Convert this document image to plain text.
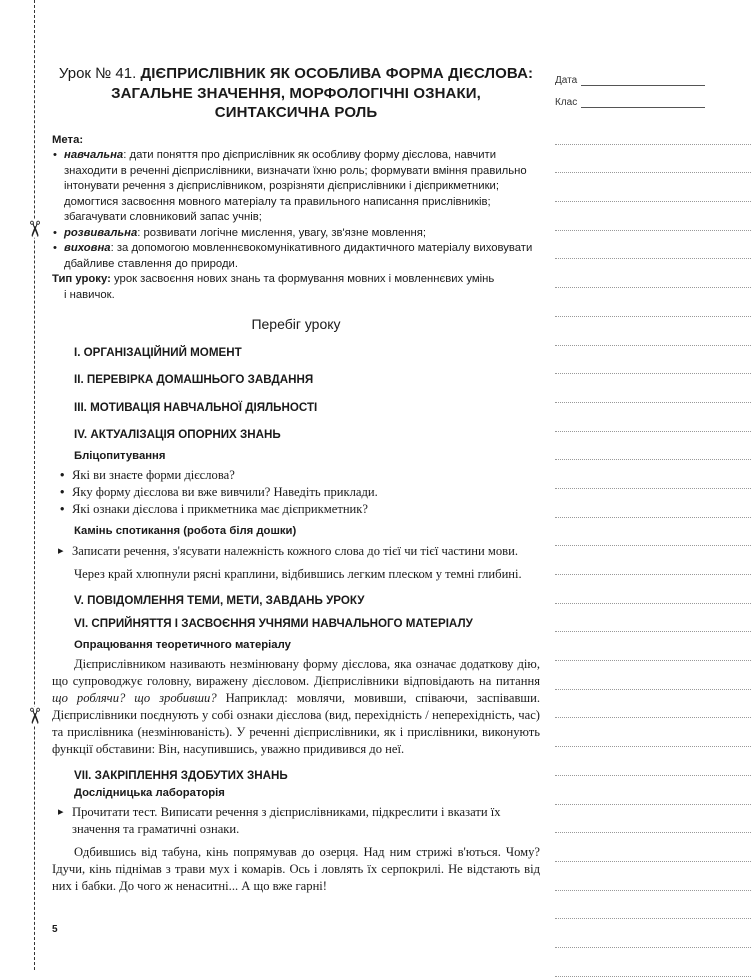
✂
✂
Дата
Клас
Урок № 41. ДІЄПРИСЛІВНИК ЯК ОСОБЛИВА ФОРМА ДІЄСЛОВА:
ЗАГАЛЬНЕ ЗНАЧЕННЯ, МОРФОЛОГІЧНІ ОЗНАКИ,
СИНТАКСИЧНА РОЛЬ
Мета:
• навчальна: дати поняття про дієприслівник як особливу форму дієслова, навчити знаходити в реченні дієприслівники, визначати їхню роль; формувати вміння правильно інтонувати речення з дієприслівником, розрізняти дієприслівники і дієприкметники; домогтися засвоєння мовного матеріалу та правильного написання прислівників; збагачувати словниковий запас учнів;
• розвивальна: розвивати логічне мислення, увагу, зв'язне мовлення;
• виховна: за допомогою мовленнєвокомунікативного дидактичного матеріалу виховувати дбайливе ставлення до природи.
Тип уроку: урок засвоєння нових знань та формування мовних і мовленнєвих умінь
і навичок.
Перебіг уроку
I. ОРГАНІЗАЦІЙНИЙ МОМЕНТ
II. ПЕРЕВІРКА ДОМАШНЬОГО ЗАВДАННЯ
III. МОТИВАЦІЯ НАВЧАЛЬНОЇ ДІЯЛЬНОСТІ
IV. АКТУАЛІЗАЦІЯ ОПОРНИХ ЗНАНЬ
Бліцопитування
• Які ви знаєте форми дієслова?
• Яку форму дієслова ви вже вивчили? Наведіть приклади.
• Які ознаки дієслова і прикметника має дієприкметник?
Камінь спотикання (робота біля дошки)
▸ Записати речення, з'ясувати належність кожного слова до тієї чи тієї частини мови.
Через край хлюпнули рясні краплини, відбившись легким плеском у темні глибині.
V. ПОВІДОМЛЕННЯ ТЕМИ, МЕТИ, ЗАВДАНЬ УРОКУ
VI. СПРИЙНЯТТЯ І ЗАСВОЄННЯ УЧНЯМИ НАВЧАЛЬНОГО МАТЕРІАЛУ
Опрацювання теоретичного матеріалу
Дієприслівником називають незмінювану форму дієслова, яка означає додаткову дію, що супроводжує головну, виражену дієсловом. Дієприслівники відповідають на питання що роблячи? що зробивши? Наприклад: мовлячи, мовивши, співаючи, заспівавши. Дієприслівники поєднують у собі ознаки дієслова (вид, перехідність / неперехідність, час) та прислівника (незмінюваність). У реченні дієприслівники, як і прислівники, виконують функції обставини: Він, насупившись, уважно придивився до неї.
VII. ЗАКРІПЛЕННЯ ЗДОБУТИХ ЗНАНЬ
Дослідницька лабораторія
▸ Прочитати тест. Виписати речення з дієприслівниками, підкреслити і вказати їх значення та граматичні ознаки.
Одбившись від табуна, кінь попрямував до озерця. Над ним стрижі в'ються. Чому? Ідучи, кінь піднімав з трави мух і комарів. Ось і ловлять їх серпокрилі. Не відстають від них і бабки. До чого ж ненаситні... А що вже гарні!
5
